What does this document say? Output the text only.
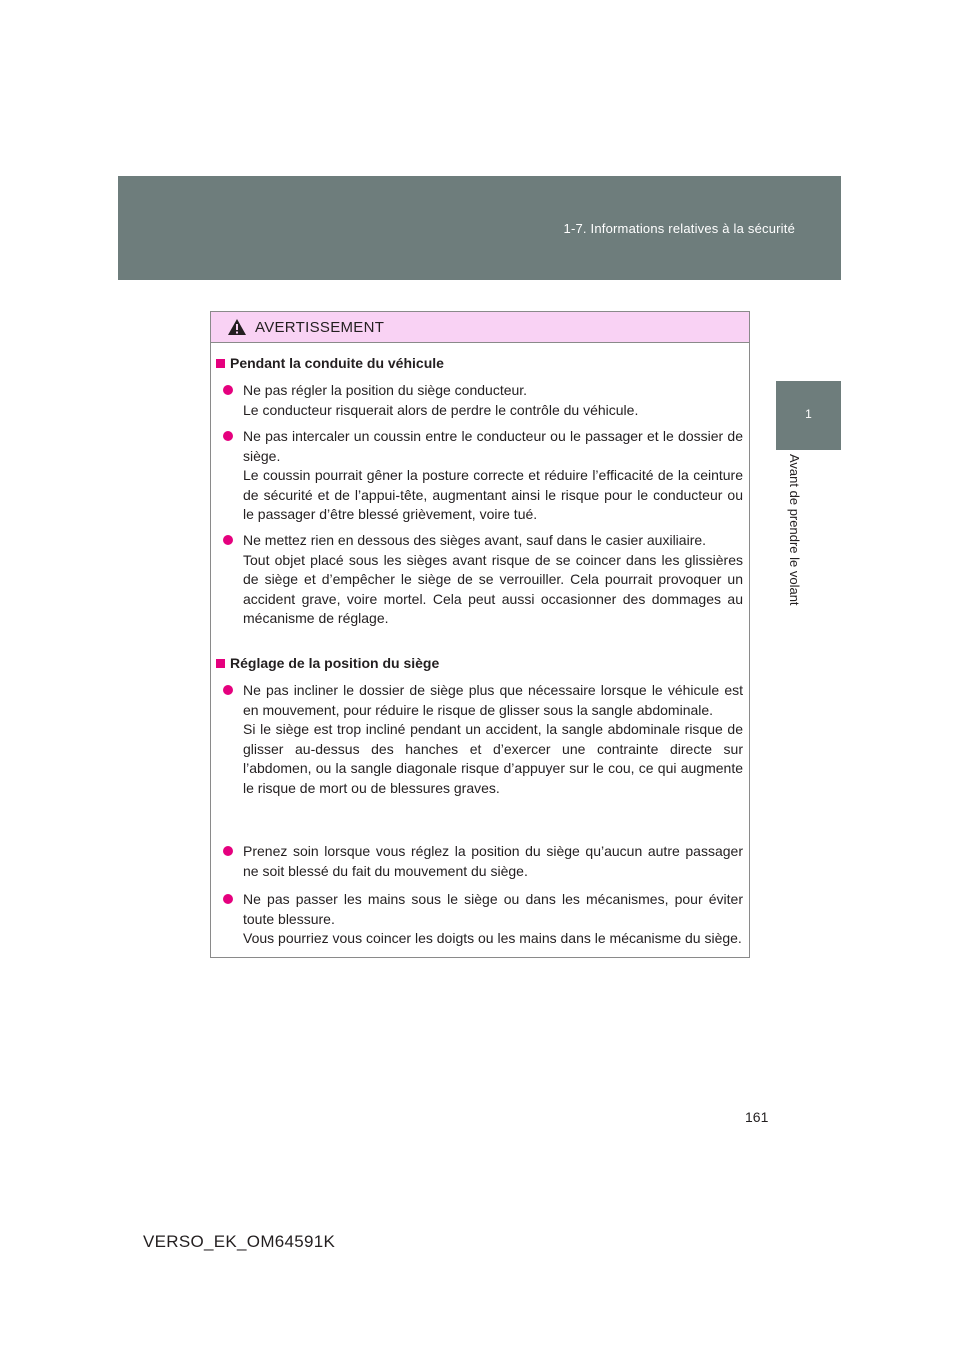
1-7. Informations relatives à la sécurité
1
Avant de prendre le volant
AVERTISSEMENT
Pendant la conduite du véhicule

Ne pas régler la position du siège conducteur.

Le conducteur risquerait alors de perdre le contrôle du véhicule.

Ne pas intercaler un coussin entre le conducteur ou le passager et le dossier de siège.

Le coussin pourrait gêner la posture correcte et réduire l’efficacité de la ceinture de sécurité et de l’appui-tête, augmentant ainsi le risque pour le conducteur ou le passager d’être blessé grièvement, voire tué.

Ne mettez rien en dessous des sièges avant, sauf dans le casier auxiliaire.

Tout objet placé sous les sièges avant risque de se coincer dans les glissières de siège et d’empêcher le siège de se verrouiller. Cela pourrait provoquer un accident grave, voire mortel. Cela peut aussi occasionner des dommages au mécanisme de réglage.

Réglage de la position du siège

Ne pas incliner le dossier de siège plus que nécessaire lorsque le véhicule est en mouvement, pour réduire le risque de glisser sous la sangle abdominale.

Si le siège est trop incliné pendant un accident, la sangle abdominale risque de glisser au-dessus des hanches et d’exercer une contrainte directe sur l’abdomen, ou la sangle diagonale risque d’appuyer sur le cou, ce qui augmente le risque de mort ou de blessures graves.

Prenez soin lorsque vous réglez la position du siège qu’aucun autre passager ne soit blessé du fait du mouvement du siège.

Ne pas passer les mains sous le siège ou dans les mécanismes, pour éviter toute blessure.

Vous pourriez vous coincer les doigts ou les mains dans le mécanisme du siège.

161
VERSO_EK_OM64591K
